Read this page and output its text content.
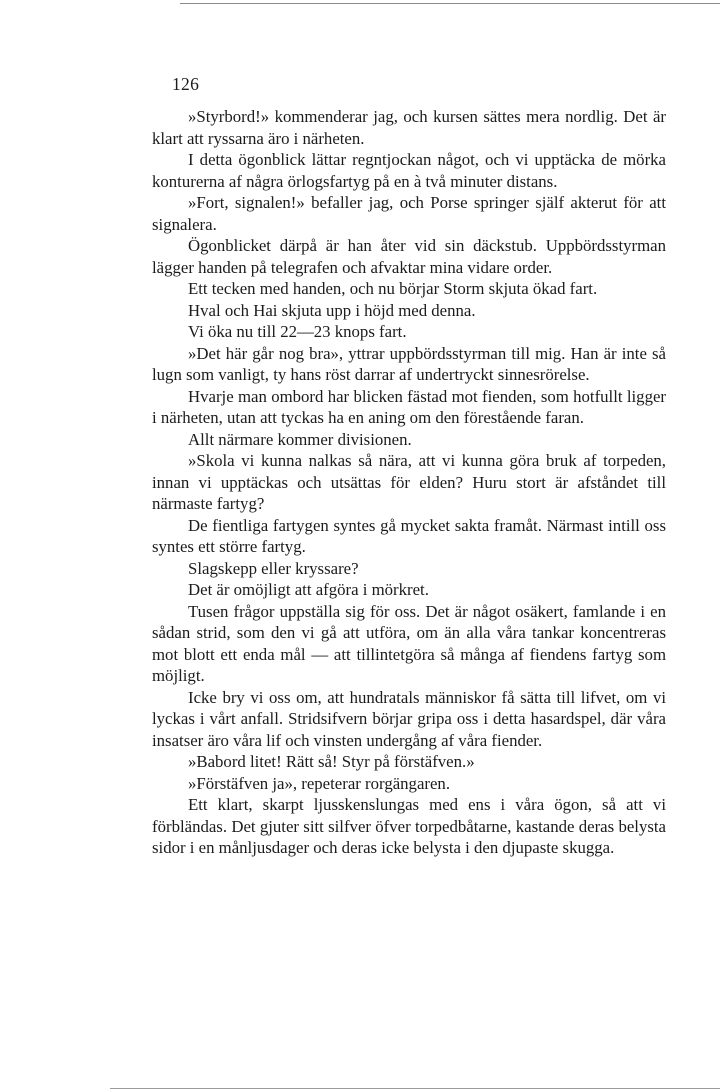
126

»Styrbord!» kommenderar jag, och kursen sättes mera nordlig. Det är klart att ryssarna äro i närheten.

I detta ögonblick lättar regntjockan något, och vi upptäcka de mörka konturerna af några örlogsfartyg på en à två minuter distans.

»Fort, signalen!» befaller jag, och Porse springer själf akterut för att signalera.

Ögonblicket därpå är han åter vid sin däckstub. Uppbördsstyrman lägger handen på telegrafen och afvaktar mina vidare order.

Ett tecken med handen, och nu börjar Storm skjuta ökad fart.

Hval och Hai skjuta upp i höjd med denna.

Vi öka nu till 22—23 knops fart.

»Det här går nog bra», yttrar uppbördsstyrman till mig. Han är inte så lugn som vanligt, ty hans röst darrar af undertryckt sinnesrörelse.

Hvarje man ombord har blicken fästad mot fienden, som hotfullt ligger i närheten, utan att tyckas ha en aning om den förestående faran.

Allt närmare kommer divisionen.

»Skola vi kunna nalkas så nära, att vi kunna göra bruk af torpeden, innan vi upptäckas och utsättas för elden? Huru stort är afståndet till närmaste fartyg?

De fientliga fartygen syntes gå mycket sakta framåt. Närmast intill oss syntes ett större fartyg.

Slagskepp eller kryssare?

Det är omöjligt att afgöra i mörkret.

Tusen frågor uppställa sig för oss. Det är något osäkert, famlande i en sådan strid, som den vi gå att utföra, om än alla våra tankar koncentreras mot blott ett enda mål — att tillintetgöra så många af fiendens fartyg som möjligt.

Icke bry vi oss om, att hundratals människor få sätta till lifvet, om vi lyckas i vårt anfall. Stridsifvern börjar gripa oss i detta hasardspel, där våra insatser äro våra lif och vinsten undergång af våra fiender.

»Babord litet! Rätt så! Styr på förstäfven.»

»Förstäfven ja», repeterar rorgängaren.

Ett klart, skarpt ljusskenslungas med ens i våra ögon, så att vi förbländas. Det gjuter sitt silfver öfver torpedbåtarne, kastande deras belysta sidor i en månljusdager och deras icke belysta i den djupaste skugga.
